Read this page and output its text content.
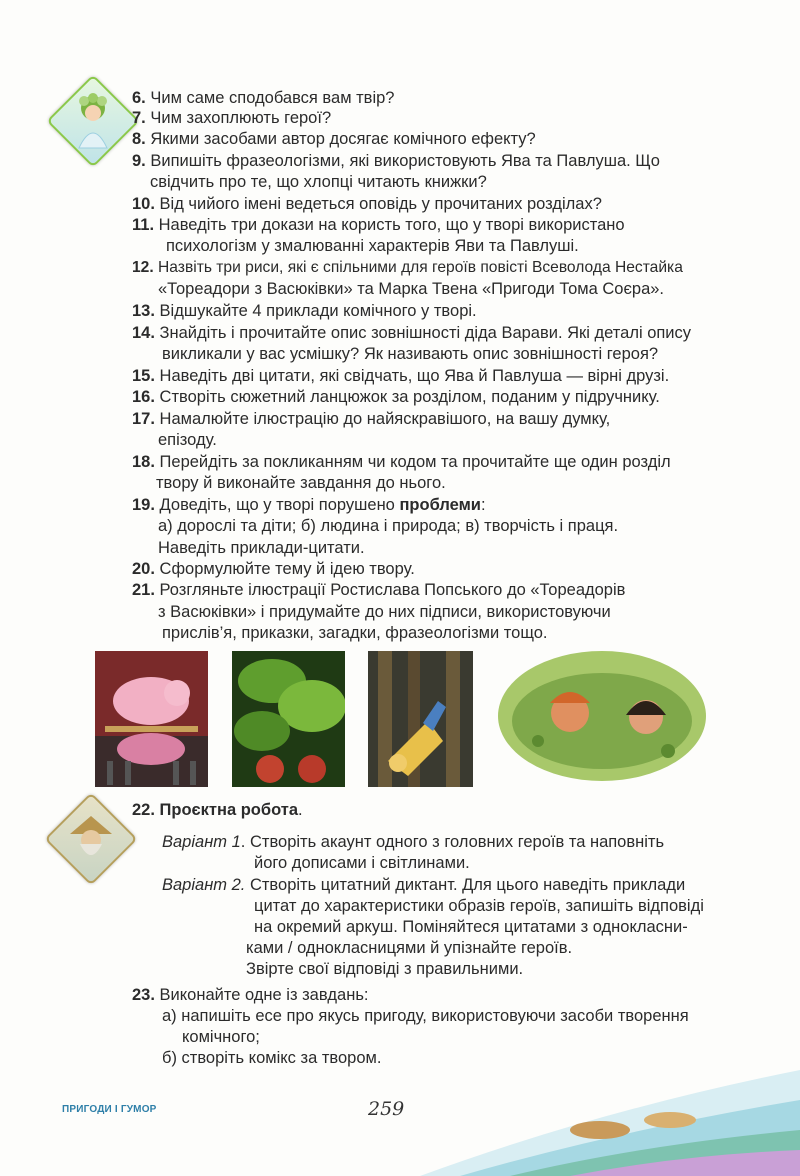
6. Чим саме сподобався вам твір?
7. Чим захоплюють герої?
8. Якими засобами автор досягає комічного ефекту?
9. Випишіть фразеологізми, які використовують Ява та Павлуша. Що
свідчить про те, що хлопці читають книжки?
10. Від чийого імені ведеться оповідь у прочитаних розділах?
11. Наведіть три докази на користь того, що у творі використано
психологізм у змалюванні характерів Яви та Павлуші.
12. Назвіть три риси, які є спільними для героїв повісті Всеволода Нестайка
«Тореадори з Васюківки» та Марка Твена «Пригоди Тома Соєра».
13. Відшукайте 4 приклади комічного у творі.
14. Знайдіть і прочитайте опис зовнішності діда Варави. Які деталі опису
викликали у вас усмішку? Як називають опис зовнішності героя?
15. Наведіть дві цитати, які свідчать, що Ява й Павлуша — вірні друзі.
16. Створіть сюжетний ланцюжок за розділом, поданим у підручнику.
17. Намалюйте ілюстрацію до найяскравішого, на вашу думку,
епізоду.
18. Перейдіть за покликанням чи кодом та прочитайте ще один розділ
твору й виконайте завдання до нього.
19. Доведіть, що у творі порушено проблеми:
а) дорослі та діти; б) людина і природа; в) творчість і праця.
Наведіть приклади-цитати.
20. Сформулюйте тему й ідею твору.
21. Розгляньте ілюстрації Ростислава Попського до «Тореадорів
з Васюківки» і придумайте до них підписи, використовуючи
прислів’я, приказки, загадки, фразеологізми тощо.
22. Проєктна робота.
Варіант 1. Створіть акаунт одного з головних героїв та наповніть
його дописами і світлинами.
Варіант 2. Створіть цитатний диктант. Для цього наведіть приклади
цитат до характеристики образів героїв, запишіть відповіді
на окремий аркуш. Поміняйтеся цитатами з однокласни-
ками / однокласницями й упізнайте героїв.
Звірте свої відповіді з правильними.
23. Виконайте одне із завдань:
а) напишіть есе про якусь пригоду, використовуючи засоби творення
комічного;
б) створіть комікс за твором.
ПРИГОДИ І ГУМОР	259
